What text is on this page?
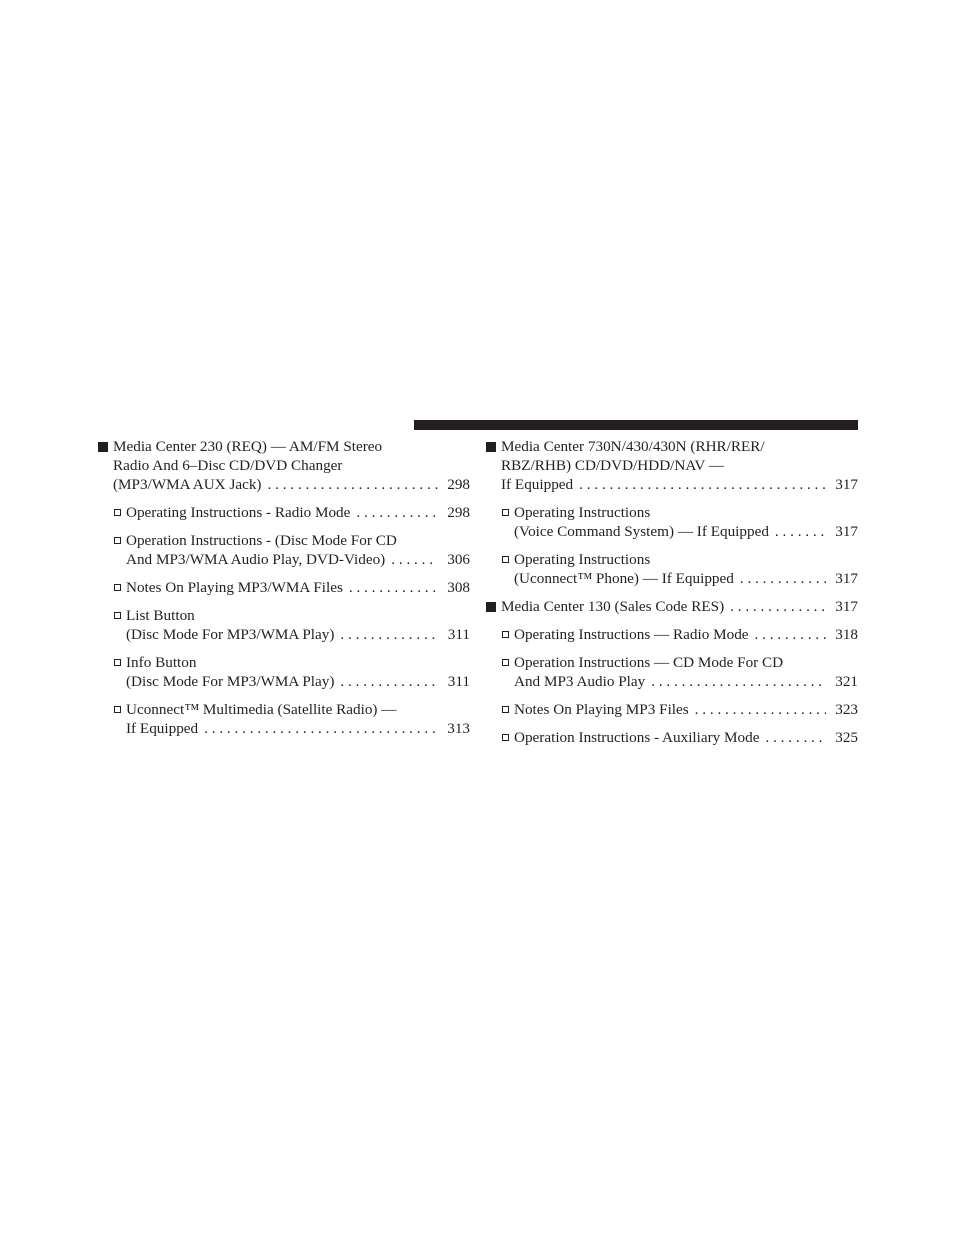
Media Center 230 (REQ) — AM/FM Stereo
Radio And 6–Disc CD/DVD Changer
(MP3/WMA AUX Jack) . . .	298
Operating Instructions - Radio Mode . . .	298
Operation Instructions - (Disc Mode For CD
And MP3/WMA Audio Play, DVD-Video) . . .	306
Notes On Playing MP3/WMA Files . . .	308
List Button
(Disc Mode For MP3/WMA Play) . . .	311
Info Button
(Disc Mode For MP3/WMA Play) . . .	311
Uconnect™ Multimedia (Satellite Radio) —
If Equipped . . .	313
Media Center 730N/430/430N (RHR/RER/
RBZ/RHB) CD/DVD/HDD/NAV —
If Equipped . . .	317
Operating Instructions
(Voice Command System) — If Equipped . . .	317
Operating Instructions
(Uconnect™ Phone) — If Equipped . . .	317
Media Center 130 (Sales Code RES) . . .	317
Operating Instructions — Radio Mode . . .	318
Operation Instructions — CD Mode For CD
And MP3 Audio Play . . .	321
Notes On Playing MP3 Files . . .	323
Operation Instructions - Auxiliary Mode . . .	325
